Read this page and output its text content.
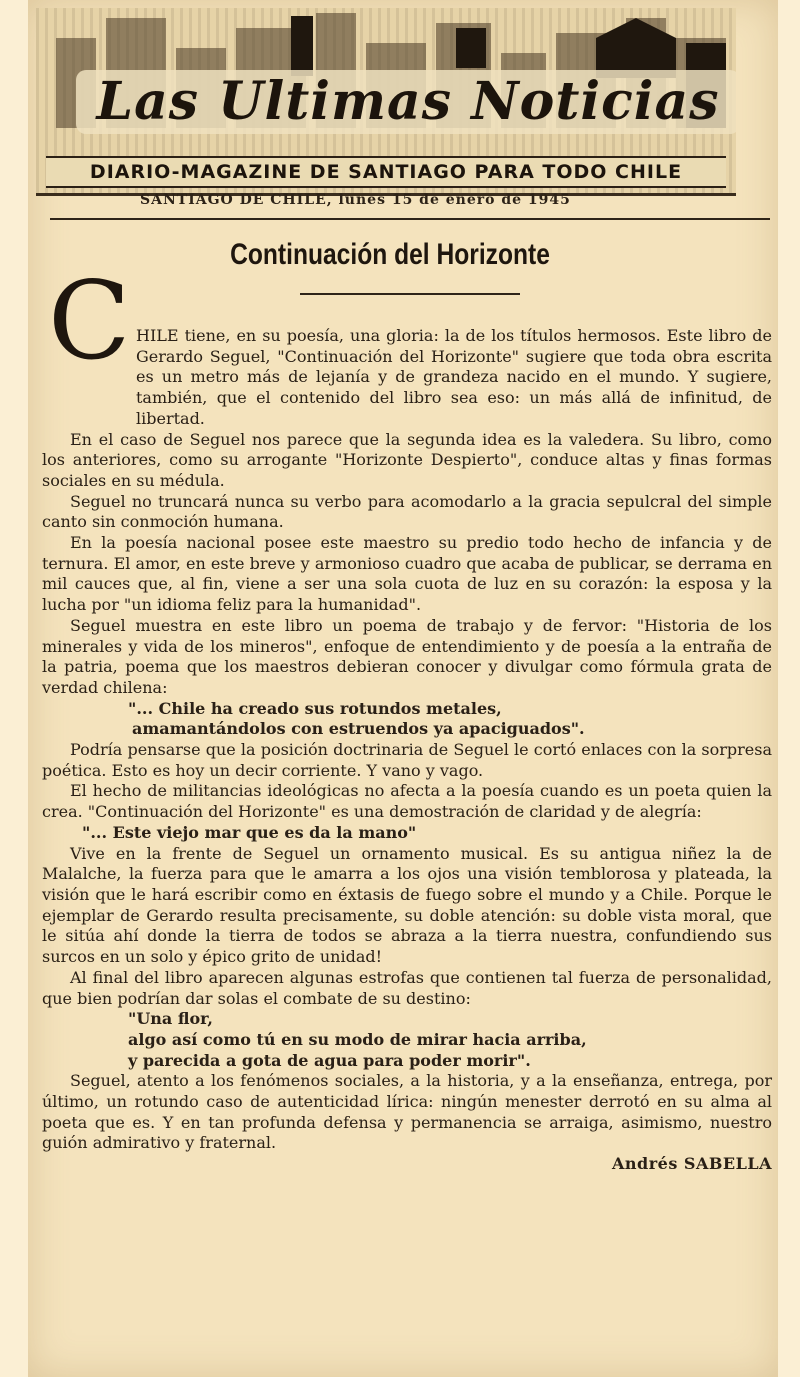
Las Ultimas Noticias
DIARIO-MAGAZINE DE SANTIAGO PARA TODO CHILE
SANTIAGO DE CHILE, lunes 15 de enero de 1945
Continuación del Horizonte
C HILE tiene, en su poesía, una gloria: la de los títulos hermosos. Este libro de Gerardo Seguel, "Continuación del Horizonte" sugiere que toda obra escrita es un metro más de lejanía y de grandeza nacido en el mundo. Y sugiere, también, que el contenido del libro sea eso: un más allá de infinitud, de libertad.

En el caso de Seguel nos parece que la segunda idea es la valedera. Su libro, como los anteriores, como su arrogante "Horizonte Despierto", conduce altas y finas formas sociales en su médula.

Seguel no truncará nunca su verbo para acomodarlo a la gracia sepulcral del simple canto sin conmoción humana.

En la poesía nacional posee este maestro su predio todo hecho de infancia y de ternura. El amor, en este breve y armonioso cuadro que acaba de publicar, se derrama en mil cauces que, al fin, viene a ser una sola cuota de luz en su corazón: la esposa y la lucha por "un idioma feliz para la humanidad".

Seguel muestra en este libro un poema de trabajo y de fervor: "Historia de los minerales y vida de los mineros", enfoque de entendimiento y de poesía a la entraña de la patria, poema que los maestros debieran conocer y divulgar como fórmula grata de verdad chilena:

"... Chile ha creado sus rotundos metales,

amamantándolos con estruendos ya apaciguados".

Podría pensarse que la posición doctrinaria de Seguel le cortó enlaces con la sorpresa poética. Esto es hoy un decir corriente. Y vano y vago.

El hecho de militancias ideológicas no afecta a la poesía cuando es un poeta quien la crea. "Continuación del Horizonte" es una demostración de claridad y de alegría:

"... Este viejo mar que es da la mano"

Vive en la frente de Seguel un ornamento musical. Es su antigua niñez la de Malalche, la fuerza para que le amarra a los ojos una visión temblorosa y plateada, la visión que le hará escribir como en éxtasis de fuego sobre el mundo y a Chile. Porque le ejemplar de Gerardo resulta precisamente, su doble atención: su doble vista moral, que le sitúa ahí donde la tierra de todos se abraza a la tierra nuestra, confundiendo sus surcos en un solo y épico grito de unidad!

Al final del libro aparecen algunas estrofas que contienen tal fuerza de personalidad, que bien podrían dar solas el combate de su destino:

"Una flor,

algo así como tú en su modo de mirar hacia arriba,

y parecida a gota de agua para poder morir".

Seguel, atento a los fenómenos sociales, a la historia, y a la enseñanza, entrega, por último, un rotundo caso de autenticidad lírica: ningún menester derrotó en su alma al poeta que es. Y en tan profunda defensa y permanencia se arraiga, asimismo, nuestro guión admirativo y fraternal.

Andrés SABELLA
